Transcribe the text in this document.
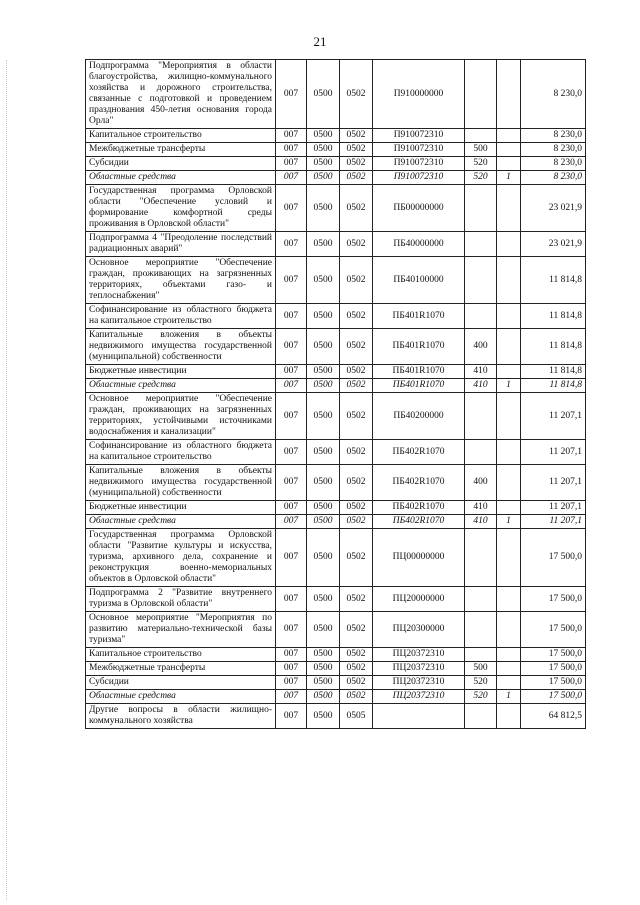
21
Подпрограмма "Мероприятия в области благоустройства, жилищно-коммунального хозяйства и дорожного строительства, связанные с подготовкой и проведением празднования 450-летия основания города Орла"	007	0500	0502	П910000000			8 230,0
Капитальное строительство	007	0500	0502	П910072310			8 230,0
Межбюджетные трансферты	007	0500	0502	П910072310	500		8 230,0
Субсидии	007	0500	0502	П910072310	520		8 230,0
Областные средства	007	0500	0502	П910072310	520	1	8 230,0
Государственная программа Орловской области "Обеспечение условий и формирование комфортной среды проживания в Орловской области"	007	0500	0502	ПБ00000000			23 021,9
Подпрограмма 4 "Преодоление последствий радиационных аварий"	007	0500	0502	ПБ40000000			23 021,9
Основное мероприятие "Обеспечение граждан, проживающих на загрязненных территориях, объектами газо- и теплоснабжения"	007	0500	0502	ПБ40100000			11 814,8
Софинансирование из областного бюджета на капитальное строительство	007	0500	0502	ПБ401R1070			11 814,8
Капитальные вложения в объекты недвижимого имущества государственной (муниципальной) собственности	007	0500	0502	ПБ401R1070	400		11 814,8
Бюджетные инвестиции	007	0500	0502	ПБ401R1070	410		11 814,8
Областные средства	007	0500	0502	ПБ401R1070	410	1	11 814,8
Основное мероприятие "Обеспечение граждан, проживающих на загрязненных территориях, устойчивыми источниками водоснабжения и канализации"	007	0500	0502	ПБ40200000			11 207,1
Софинансирование из областного бюджета на капитальное строительство	007	0500	0502	ПБ402R1070			11 207,1
Капитальные вложения в объекты недвижимого имущества государственной (муниципальной) собственности	007	0500	0502	ПБ402R1070	400		11 207,1
Бюджетные инвестиции	007	0500	0502	ПБ402R1070	410		11 207,1
Областные средства	007	0500	0502	ПБ402R1070	410	1	11 207,1
Государственная программа Орловской области "Развитие культуры и искусства, туризма, архивного дела, сохранение и реконструкция военно-мемориальных объектов в Орловской области"	007	0500	0502	ПЦ00000000			17 500,0
Подпрограмма 2 "Развитие внутреннего туризма в Орловской области"	007	0500	0502	ПЦ20000000			17 500,0
Основное мероприятие "Мероприятия по развитию материально-технической базы туризма"	007	0500	0502	ПЦ20300000			17 500,0
Капитальное строительство	007	0500	0502	ПЦ20372310			17 500,0
Межбюджетные трансферты	007	0500	0502	ПЦ20372310	500		17 500,0
Субсидии	007	0500	0502	ПЦ20372310	520		17 500,0
Областные средства	007	0500	0502	ПЦ20372310	520	1	17 500,0
Другие вопросы в области жилищно-коммунального хозяйства	007	0500	0505				64 812,5
